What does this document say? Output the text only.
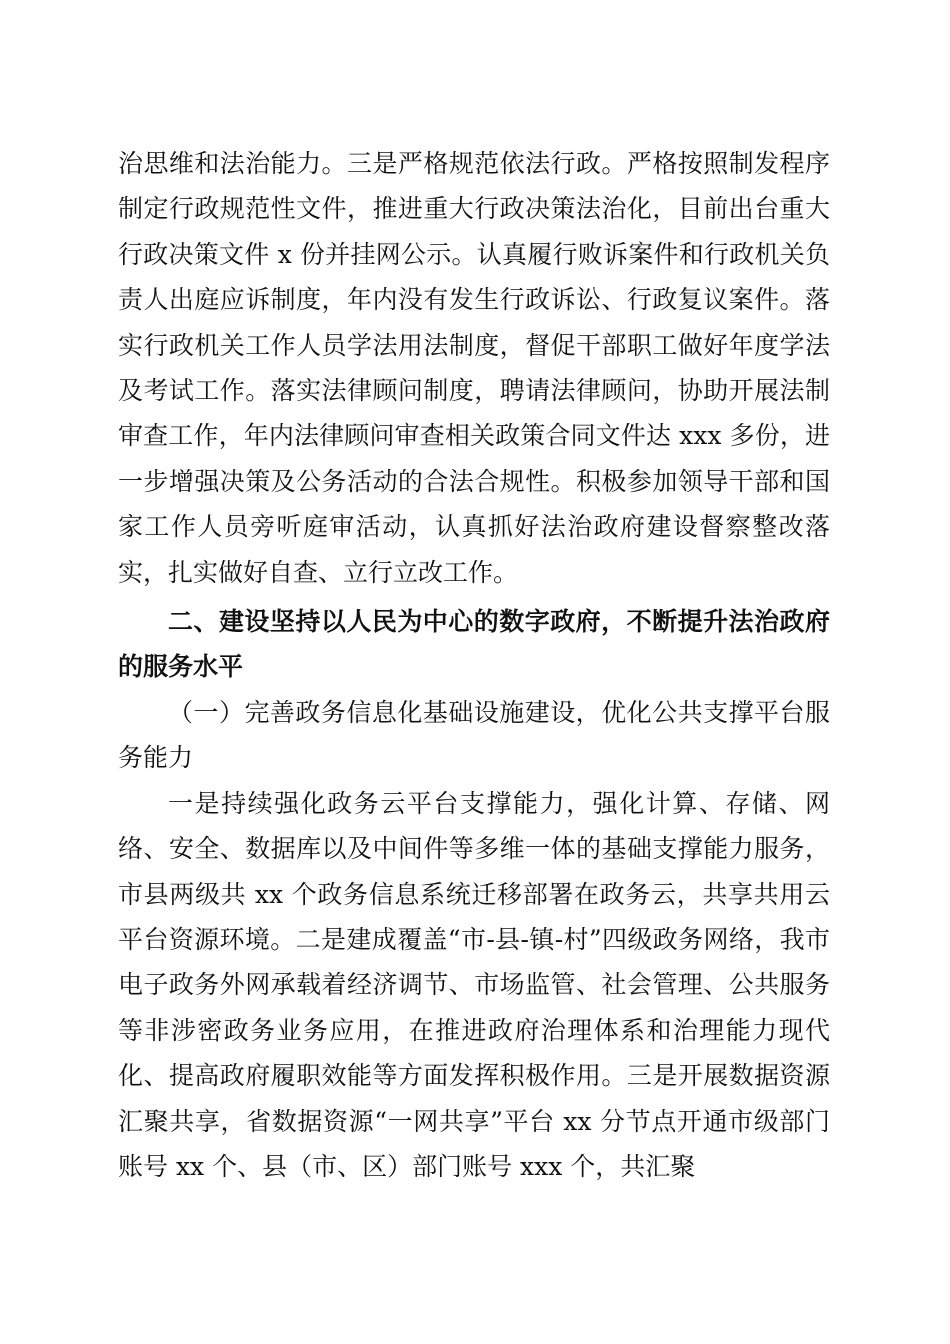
治思维和法治能力。三是严格规范依法行政。严格按照制发程序制定行政规范性文件，推进重大行政决策法治化，目前出台重大行政决策文件 x 份并挂网公示。认真履行败诉案件和行政机关负责人出庭应诉制度，年内没有发生行政诉讼、行政复议案件。落实行政机关工作人员学法用法制度，督促干部职工做好年度学法及考试工作。落实法律顾问制度，聘请法律顾问，协助开展法制审查工作，年内法律顾问审查相关政策合同文件达 xxx 多份，进一步增强决策及公务活动的合法合规性。积极参加领导干部和国家工作人员旁听庭审活动，认真抓好法治政府建设督察整改落实，扎实做好自查、立行立改工作。

二、建设坚持以人民为中心的数字政府，不断提升法治政府的服务水平

（一）完善政务信息化基础设施建设，优化公共支撑平台服务能力

一是持续强化政务云平台支撑能力，强化计算、存储、网络、安全、数据库以及中间件等多维一体的基础支撑能力服务，市县两级共 xx 个政务信息系统迁移部署在政务云，共享共用云平台资源环境。二是建成覆盖“市-县-镇-村”四级政务网络，我市电子政务外网承载着经济调节、市场监管、社会管理、公共服务等非涉密政务业务应用，在推进政府治理体系和治理能力现代化、提高政府履职效能等方面发挥积极作用。三是开展数据资源汇聚共享，省数据资源“一网共享”平台 xx 分节点开通市级部门账号 xx 个、县（市、区）部门账号 xxx 个，共汇聚
